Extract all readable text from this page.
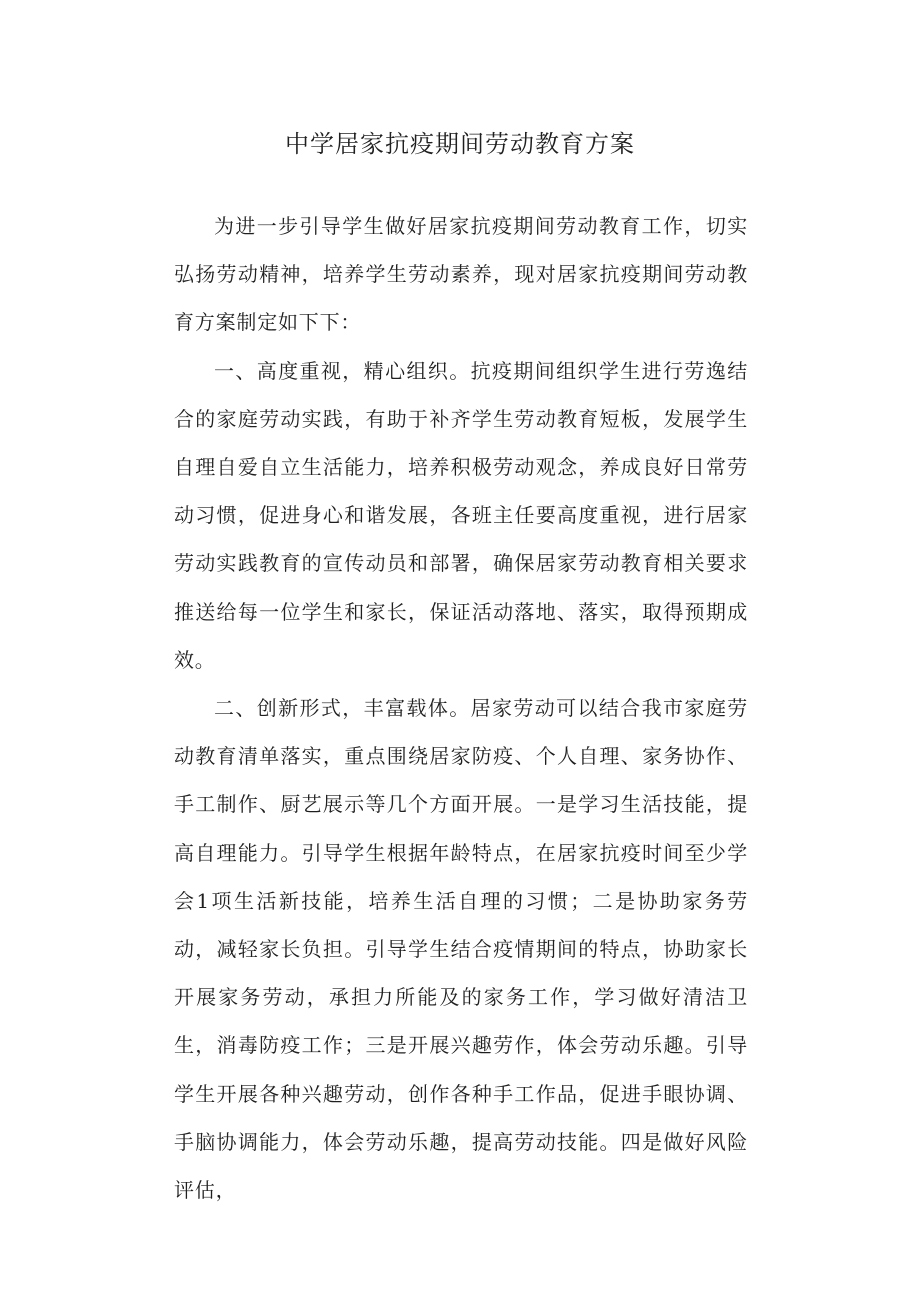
中学居家抗疫期间劳动教育方案

为进一步引导学生做好居家抗疫期间劳动教育工作，切实弘扬劳动精神，培养学生劳动素养，现对居家抗疫期间劳动教育方案制定如下下：

一、高度重视，精心组织。抗疫期间组织学生进行劳逸结合的家庭劳动实践，有助于补齐学生劳动教育短板，发展学生自理自爱自立生活能力，培养积极劳动观念，养成良好日常劳动习惯，促进身心和谐发展，各班主任要高度重视，进行居家劳动实践教育的宣传动员和部署，确保居家劳动教育相关要求推送给每一位学生和家长，保证活动落地、落实，取得预期成效。

二、创新形式，丰富载体。居家劳动可以结合我市家庭劳动教育清单落实，重点围绕居家防疫、个人自理、家务协作、手工制作、厨艺展示等几个方面开展。一是学习生活技能，提高自理能力。引导学生根据年龄特点，在居家抗疫时间至少学会1项生活新技能，培养生活自理的习惯；二是协助家务劳动，减轻家长负担。引导学生结合疫情期间的特点，协助家长开展家务劳动，承担力所能及的家务工作，学习做好清洁卫生，消毒防疫工作；三是开展兴趣劳作，体会劳动乐趣。引导学生开展各种兴趣劳动，创作各种手工作品，促进手眼协调、手脑协调能力，体会劳动乐趣，提高劳动技能。四是做好风险评估，
